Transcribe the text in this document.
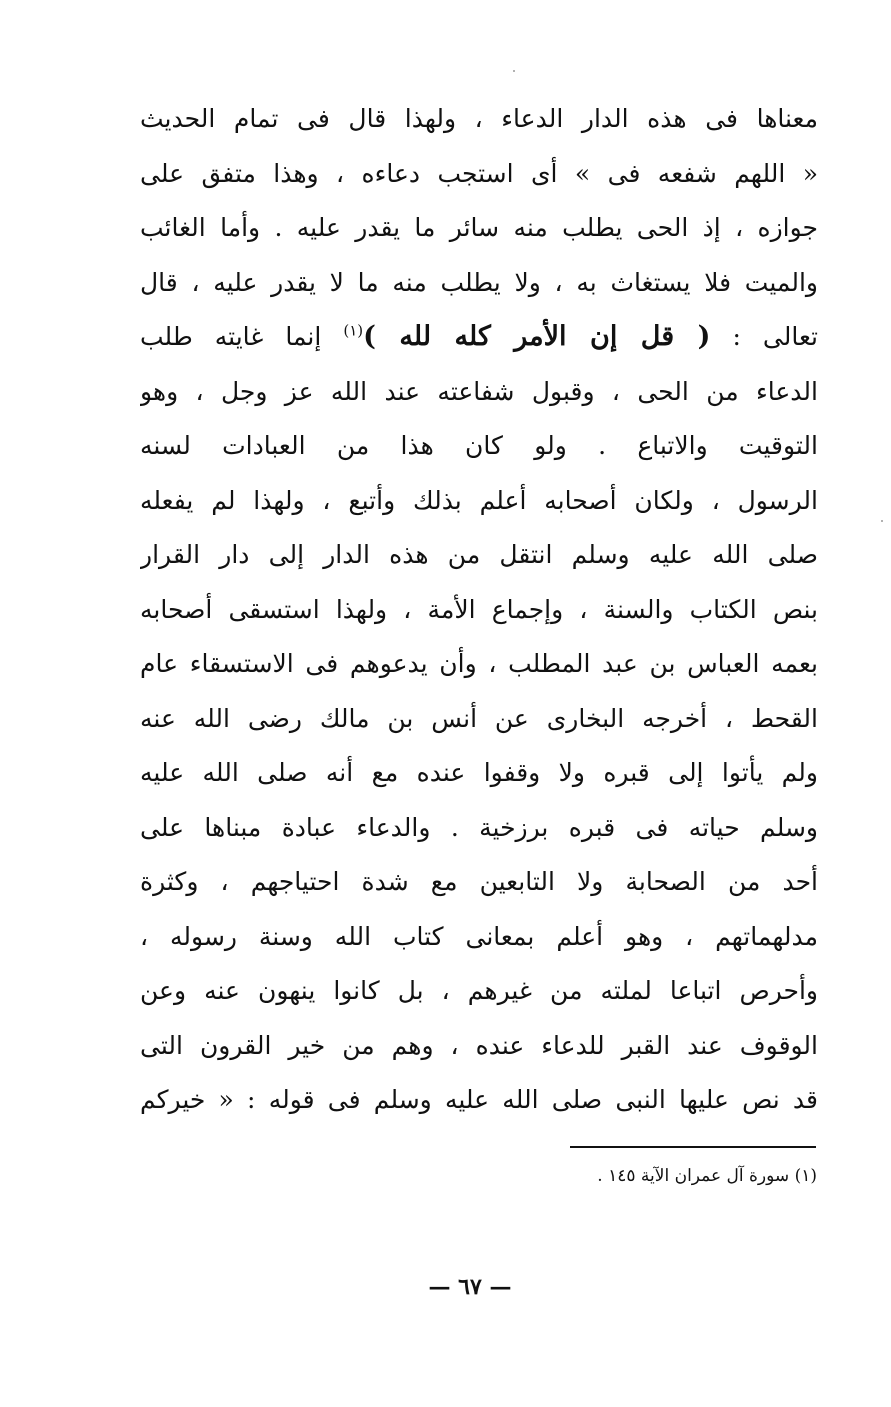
معناها فى هذه الدار الدعاء ، ولهذا قال فى تمام الحديث
« اللهم شفعه فى » أى استجب دعاءه ، وهذا متفق على
جوازه ، إذ الحى يطلب منه سائر ما يقدر عليه . وأما الغائب
والميت فلا يستغاث به ، ولا يطلب منه ما لا يقدر عليه ، قال
تعالى : ( قل إن الأمر كله لله )$^{(١)}$ إنما غايته طلب
الدعاء من الحى ، وقبول شفاعته عند الله عز وجل ، وهو
التوقيت والاتباع . ولو كان هذا من العبادات لسنه
الرسول ، ولكان أصحابه أعلم بذلك وأتبع ، ولهذا لم يفعله
صلى الله عليه وسلم انتقل من هذه الدار إلى دار القرار
بنص الكتاب والسنة ، وإجماع الأمة ، ولهذا استسقى أصحابه
بعمه العباس بن عبد المطلب ، وأن يدعوهم فى الاستسقاء عام
القحط ، أخرجه البخارى عن أنس بن مالك رضى الله عنه
ولم يأتوا إلى قبره ولا وقفوا عنده مع أنه صلى الله عليه
وسلم حياته فى قبره برزخية . والدعاء عبادة مبناها على
أحد من الصحابة ولا التابعين مع شدة احتياجهم ، وكثرة
مدلهماتهم ، وهو أعلم بمعانى كتاب الله وسنة رسوله ،
وأحرص اتباعا لملته من غيرهم ، بل كانوا ينهون عنه وعن
الوقوف عند القبر للدعاء عنده ، وهم من خير القرون التى
قد نص عليها النبى صلى الله عليه وسلم فى قوله : « خيركم
(١) سورة آل عمران الآية ١٤٥ .
— ٦٧ —
